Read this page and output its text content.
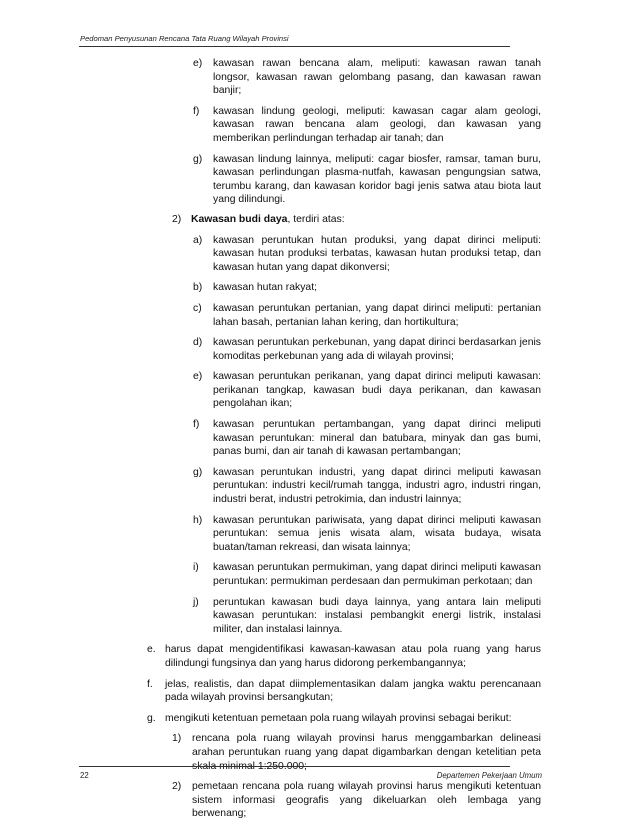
Pedoman Penyusunan Rencana Tata Ruang Wilayah Provinsi
e) kawasan rawan bencana alam, meliputi: kawasan rawan tanah longsor, kawasan rawan gelombang pasang, dan kawasan rawan banjir;
f) kawasan lindung geologi, meliputi: kawasan cagar alam geologi, kawasan rawan bencana alam geologi, dan kawasan yang memberikan perlindungan terhadap air tanah; dan
g) kawasan lindung lainnya, meliputi: cagar biosfer, ramsar, taman buru, kawasan perlindungan plasma-nutfah, kawasan pengungsian satwa, terumbu karang, dan kawasan koridor bagi jenis satwa atau biota laut yang dilindungi.
2) Kawasan budi daya, terdiri atas:
a) kawasan peruntukan hutan produksi, yang dapat dirinci meliputi: kawasan hutan produksi terbatas, kawasan hutan produksi tetap, dan kawasan hutan yang dapat dikonversi;
b) kawasan hutan rakyat;
c) kawasan peruntukan pertanian, yang dapat dirinci meliputi: pertanian lahan basah, pertanian lahan kering, dan hortikultura;
d) kawasan peruntukan perkebunan, yang dapat dirinci berdasarkan jenis komoditas perkebunan yang ada di wilayah provinsi;
e) kawasan peruntukan perikanan, yang dapat dirinci meliputi kawasan: perikanan tangkap, kawasan budi daya perikanan, dan kawasan pengolahan ikan;
f) kawasan peruntukan pertambangan, yang dapat dirinci meliputi kawasan peruntukan: mineral dan batubara, minyak dan gas bumi, panas bumi, dan air tanah di kawasan pertambangan;
g) kawasan peruntukan industri, yang dapat dirinci meliputi kawasan peruntukan: industri kecil/rumah tangga, industri agro, industri ringan, industri berat, industri petrokimia, dan industri lainnya;
h) kawasan peruntukan pariwisata, yang dapat dirinci meliputi kawasan peruntukan: semua jenis wisata alam, wisata budaya, wisata buatan/taman rekreasi, dan wisata lainnya;
i) kawasan peruntukan permukiman, yang dapat dirinci meliputi kawasan peruntukan: permukiman perdesaan dan permukiman perkotaan; dan
j) peruntukan kawasan budi daya lainnya, yang antara lain meliputi kawasan peruntukan: instalasi pembangkit energi listrik, instalasi militer, dan instalasi lainnya.
e. harus dapat mengidentifikasi kawasan-kawasan atau pola ruang yang harus dilindungi fungsinya dan yang harus didorong perkembangannya;
f. jelas, realistis, dan dapat diimplementasikan dalam jangka waktu perencanaan pada wilayah provinsi bersangkutan;
g. mengikuti ketentuan pemetaan pola ruang wilayah provinsi sebagai berikut:
1) rencana pola ruang wilayah provinsi harus menggambarkan delineasi arahan peruntukan ruang yang dapat digambarkan dengan ketelitian peta skala minimal 1:250.000;
2) pemetaan rencana pola ruang wilayah provinsi harus mengikuti ketentuan sistem informasi geografis yang dikeluarkan oleh lembaga yang berwenang;
22	Departemen Pekerjaan Umum
